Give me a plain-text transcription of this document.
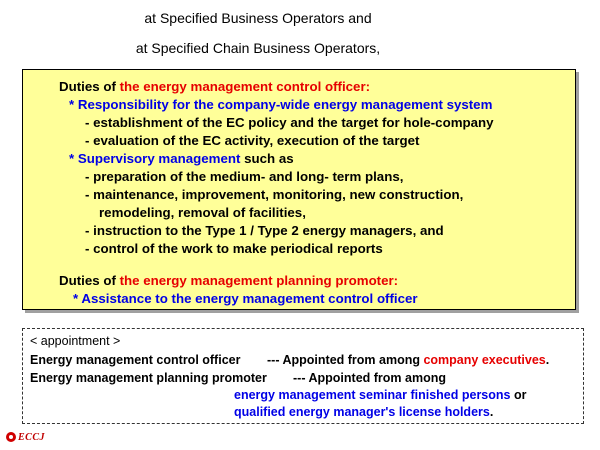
at Specified Business Operators and
at Specified Chain Business Operators,
Duties of the energy management control officer:
* Responsibility for the company-wide energy management system
- establishment of the EC policy and the target for hole-company
- evaluation of the EC activity, execution of the target
* Supervisory management such as
- preparation of the medium- and long- term plans,
- maintenance, improvement, monitoring, new construction,
remodeling, removal of facilities,
- instruction to the Type 1 / Type 2 energy managers, and
- control of the work to make periodical reports
Duties of the energy management planning promoter:
* Assistance to the energy management control officer
< appointment >
Energy management control officer --- Appointed from among company executives.
Energy management planning promoter --- Appointed from among
energy management seminar finished persons or
qualified energy manager's license holders.
ECCJ
